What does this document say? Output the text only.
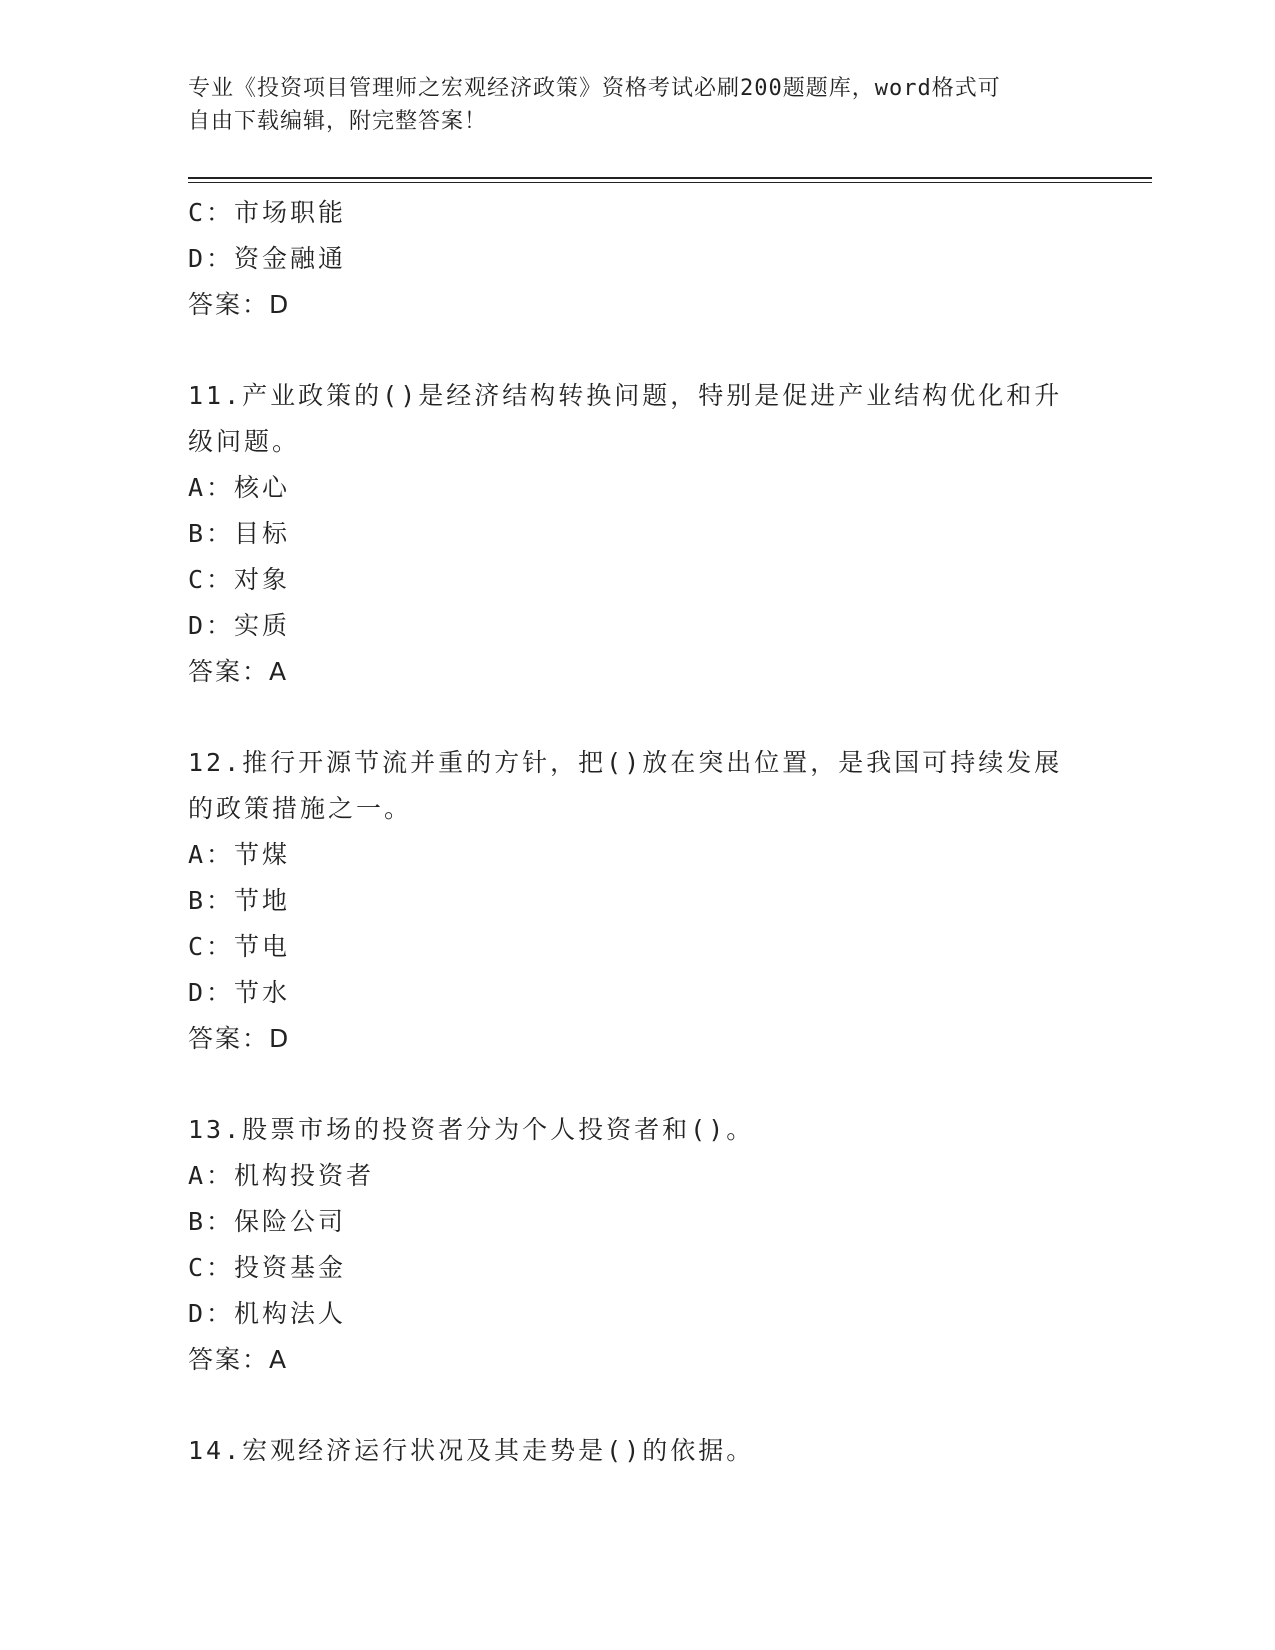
专业《投资项目管理师之宏观经济政策》资格考试必刷200题题库，word格式可
自由下载编辑，附完整答案！
C：市场职能
D：资金融通
答案：D
11.产业政策的()是经济结构转换问题，特别是促进产业结构优化和升
级问题。
A：核心
B：目标
C：对象
D：实质
答案：A
12.推行开源节流并重的方针，把()放在突出位置，是我国可持续发展
的政策措施之一。
A：节煤
B：节地
C：节电
D：节水
答案：D
13.股票市场的投资者分为个人投资者和()。
A：机构投资者
B：保险公司
C：投资基金
D：机构法人
答案：A
14.宏观经济运行状况及其走势是()的依据。
